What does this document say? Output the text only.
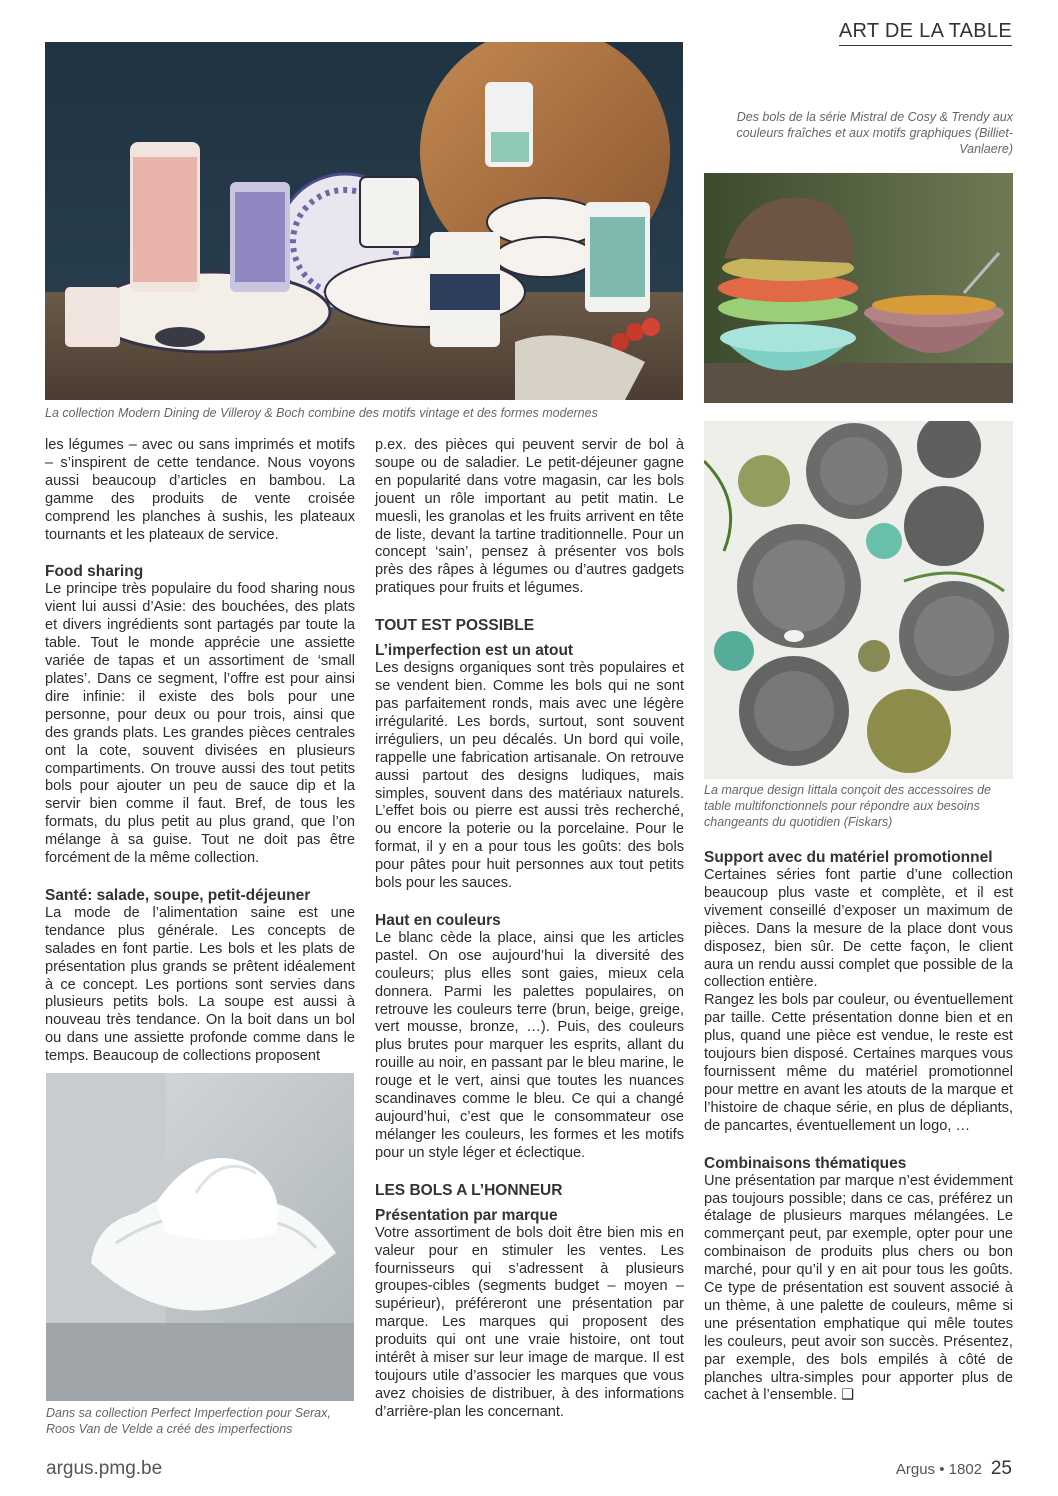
ART DE LA TABLE
La collection Modern Dining de Villeroy & Boch combine des motifs vintage et des formes modernes
Des bols de la série Mistral de Cosy & Trendy aux couleurs fraîches et aux motifs graphiques (Billiet-Vanlaere)
La marque design Iittala conçoit des accessoires de table multifonctionnels pour répondre aux besoins changeants du quotidien (Fiskars)
Dans sa collection Perfect Imperfection pour Serax, Roos Van de Velde a créé des imperfections

les légumes – avec ou sans imprimés et motifs – s’inspirent de cette tendance. Nous voyons aussi beaucoup d’articles en bambou. La gamme des produits de vente croisée comprend les planches à sushis, les plateaux tournants et les plateaux de service.

Food sharing

Le principe très populaire du food sharing nous vient lui aussi d’Asie: des bouchées, des plats et divers ingrédients sont partagés par toute la table. Tout le monde apprécie une assiette variée de tapas et un assortiment de ‘small plates’. Dans ce segment, l’offre est pour ainsi dire infinie: il existe des bols pour une personne, pour deux ou pour trois, ainsi que des grands plats. Les grandes pièces centrales ont la cote, souvent divisées en plusieurs compartiments. On trouve aussi des tout petits bols pour ajouter un peu de sauce dip et la servir bien comme il faut. Bref, de tous les formats, du plus petit au plus grand, que l’on mélange à sa guise. Tout ne doit pas être forcément de la même collection.

Santé: salade, soupe, petit-déjeuner

La mode de l’alimentation saine est une tendance plus générale. Les concepts de salades en font partie. Les bols et les plats de présentation plus grands se prêtent idéalement à ce concept. Les portions sont servies dans plusieurs petits bols. La soupe est aussi à nouveau très tendance. On la boit dans un bol ou dans une assiette profonde comme dans le temps. Beaucoup de collections proposent

p.ex. des pièces qui peuvent servir de bol à soupe ou de saladier. Le petit-déjeuner gagne en popularité dans votre magasin, car les bols jouent un rôle important au petit matin. Le muesli, les granolas et les fruits arrivent en tête de liste, devant la tartine traditionnelle. Pour un concept ‘sain’, pensez à présenter vos bols près des râpes à légumes ou d’autres gadgets pratiques pour fruits et légumes.

TOUT EST POSSIBLE
L’imperfection est un atout

Les designs organiques sont très populaires et se vendent bien. Comme les bols qui ne sont pas parfaitement ronds, mais avec une légère irrégularité. Les bords, surtout, sont souvent irréguliers, un peu décalés. Un bord qui voile, rappelle une fabrication artisanale. On retrouve aussi partout des designs ludiques, mais simples, souvent dans des matériaux naturels. L’effet bois ou pierre est aussi très recherché, ou encore la poterie ou la porcelaine. Pour le format, il y en a pour tous les goûts: des bols pour pâtes pour huit personnes aux tout petits bols pour les sauces.

Haut en couleurs

Le blanc cède la place, ainsi que les articles pastel. On ose aujourd’hui la diversité des couleurs; plus elles sont gaies, mieux cela donnera. Parmi les palettes populaires, on retrouve les couleurs terre (brun, beige, greige, vert mousse, bronze, …). Puis, des couleurs plus brutes pour marquer les esprits, allant du rouille au noir, en passant par le bleu marine, le rouge et le vert, ainsi que toutes les nuances scandinaves comme le bleu. Ce qui a changé aujourd’hui, c’est que le consommateur ose mélanger les couleurs, les formes et les motifs pour un style léger et éclectique.

LES BOLS A L’HONNEUR
Présentation par marque

Votre assortiment de bols doit être bien mis en valeur pour en stimuler les ventes. Les fournisseurs qui s’adressent à plusieurs groupes-cibles (segments budget – moyen – supérieur), préféreront une présentation par marque. Les marques qui proposent des produits qui ont une vraie histoire, ont tout intérêt à miser sur leur image de marque. Il est toujours utile d’associer les marques que vous avez choisies de distribuer, à des informations d’arrière-plan les concernant.

Support avec du matériel promotionnel

Certaines séries font partie d’une collection beaucoup plus vaste et complète, et il est vivement conseillé d’exposer un maximum de pièces. Dans la mesure de la place dont vous disposez, bien sûr. De cette façon, le client aura un rendu aussi complet que possible de la collection entière.

Rangez les bols par couleur, ou éventuellement par taille. Cette présentation donne bien et en plus, quand une pièce est vendue, le reste est toujours bien disposé. Certaines marques vous fournissent même du matériel promotionnel pour mettre en avant les atouts de la marque et l’histoire de chaque série, en plus de dépliants, de pancartes, éventuellement un logo, …

Combinaisons thématiques

Une présentation par marque n’est évidemment pas toujours possible; dans ce cas, préférez un étalage de plusieurs marques mélangées. Le commerçant peut, par exemple, opter pour une combinaison de produits plus chers ou bon marché, pour qu’il y en ait pour tous les goûts. Ce type de présentation est souvent associé à un thème, à une palette de couleurs, même si une présentation emphatique qui mêle toutes les couleurs, peut avoir son succès. Présentez, par exemple, des bols empilés à côté de planches ultra-simples pour apporter plus de cachet à l’ensemble. ❑

argus.pmg.be	Argus • 1802 25
